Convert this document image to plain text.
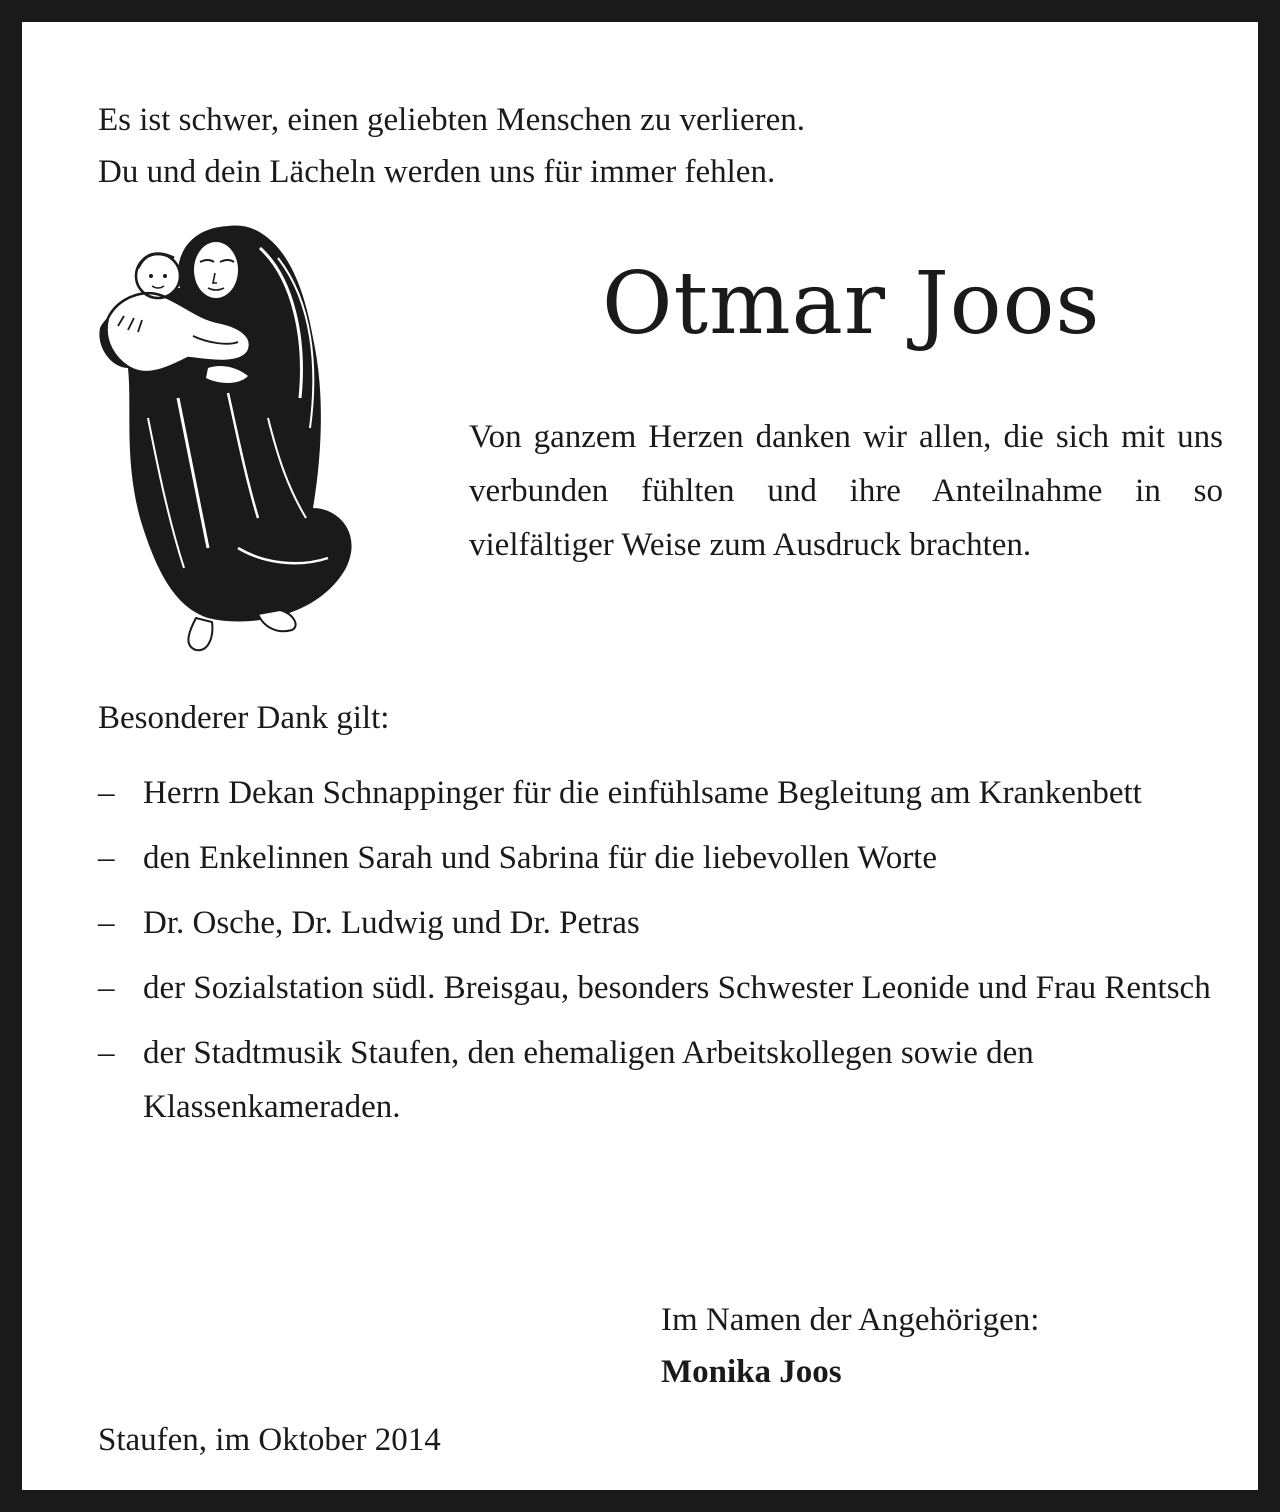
Es ist schwer, einen geliebten Menschen zu verlieren.
Du und dein Lächeln werden uns für immer fehlen.
Otmar Joos

Von ganzem Herzen danken wir allen, die sich mit uns verbunden fühlten und ihre Anteilnahme in so vielfältiger Weise zum Ausdruck brachten.

Besonderer Dank gilt:

– Herrn Dekan Schnappinger für die einfühlsame Begleitung am Krankenbett
– den Enkelinnen Sarah und Sabrina für die liebevollen Worte
– Dr. Osche, Dr. Ludwig und Dr. Petras
– der Sozialstation südl. Breisgau, besonders Schwester Leonide und Frau Rentsch
– der Stadtmusik Staufen, den ehemaligen Arbeitskollegen sowie den Klassenkameraden.
Im Namen der Angehörigen:
Monika Joos
Staufen, im Oktober 2014
